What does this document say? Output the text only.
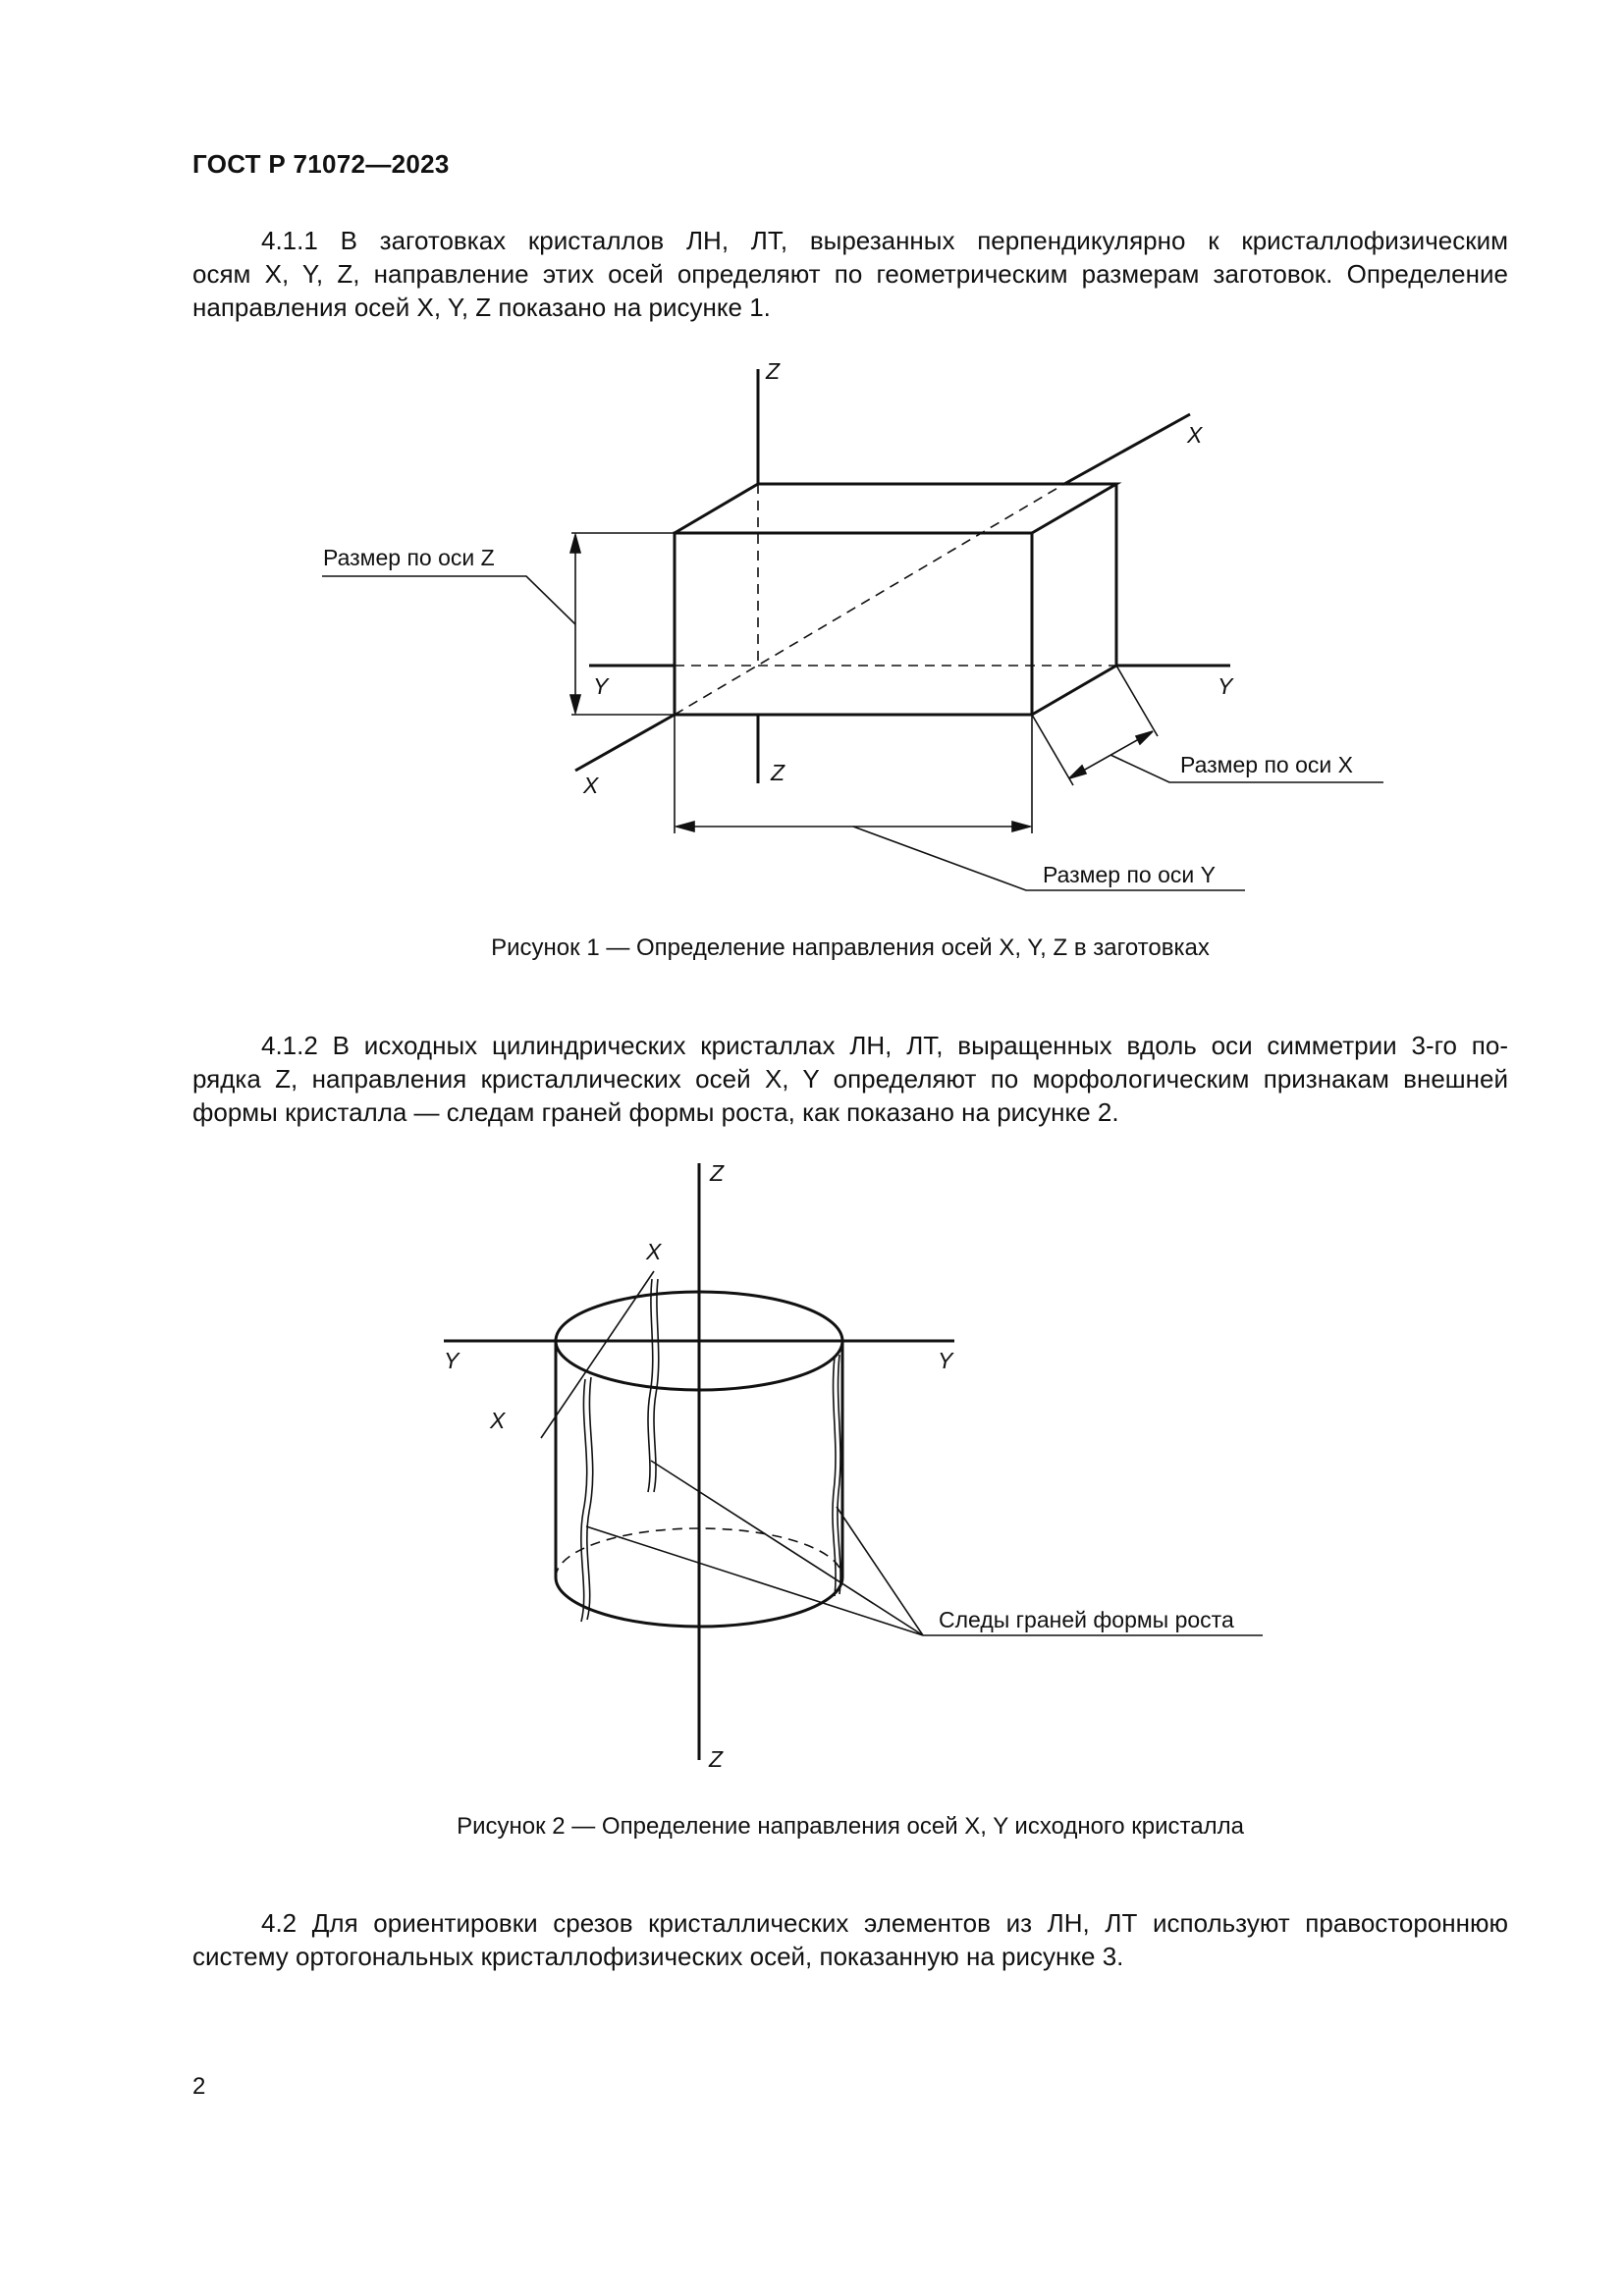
ГОСТ Р 71072—2023
4.1.1 В заготовках кристаллов ЛН, ЛТ, вырезанных перпендикулярно к кристаллофизическим
осям X, Y, Z, направление этих осей определяют по геометрическим размерам заготовок. Определение
направления осей X, Y, Z показано на рисунке 1.
Z
Z
X
X
Y	Y
Размер по оси Z
Размер по оси X
Размер по оси Y
Рисунок 1 — Определение направления осей X, Y, Z в заготовках
4.1.2 В исходных цилиндрических кристаллах ЛН, ЛТ, выращенных вдоль оси симметрии 3-го по-
рядка Z, направления кристаллических осей X, Y определяют по морфологическим признакам внешней
формы кристалла — следам граней формы роста, как показано на рисунке 2.
Z
Z
Y	Y
X
X
Следы граней формы роста
Рисунок 2 — Определение направления осей X, Y исходного кристалла
4.2 Для ориентировки срезов кристаллических элементов из ЛН, ЛТ используют правостороннюю
систему ортогональных кристаллофизических осей, показанную на рисунке 3.
2
